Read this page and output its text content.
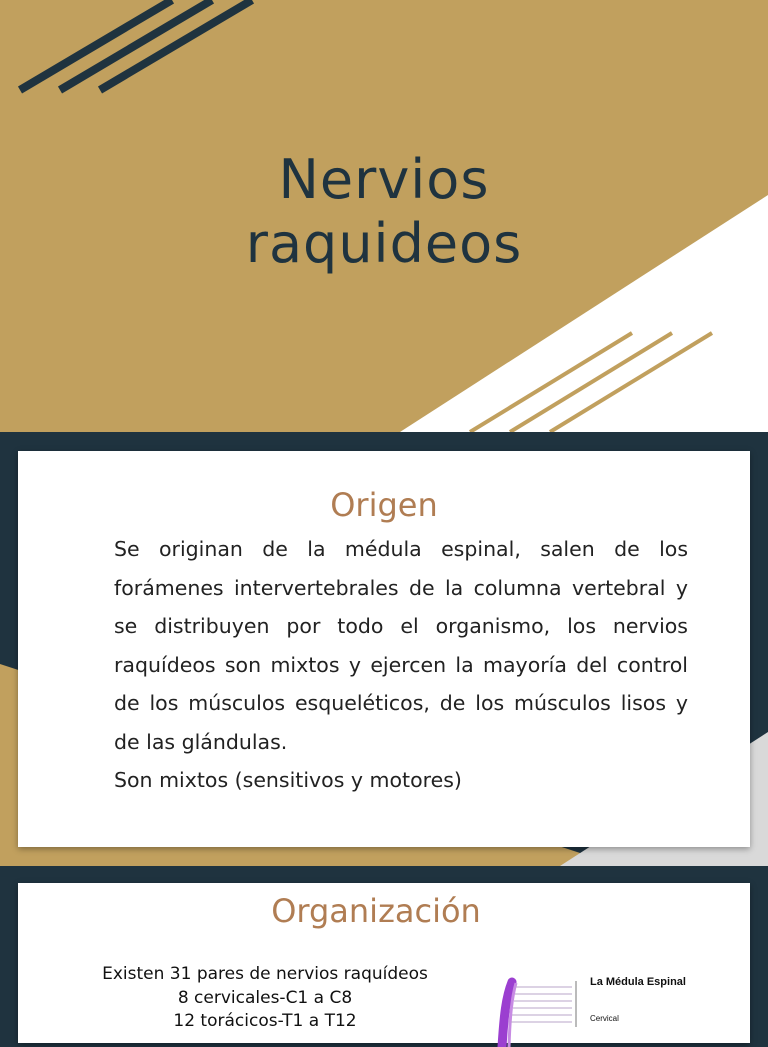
Nervios
raquideos
Origen
Se originan de la médula espinal, salen de los forámenes intervertebrales de la columna vertebral y se distribuyen por todo el organismo, los nervios raquídeos son mixtos y ejercen la mayoría del control de los músculos esqueléticos, de los músculos lisos y de las glándulas.
Son mixtos (sensitivos y motores)
Organización
Existen 31 pares de nervios raquídeos
8 cervicales-C1 a C8
12 torácicos-T1 a T12
La Médula Espinal
Cervical
